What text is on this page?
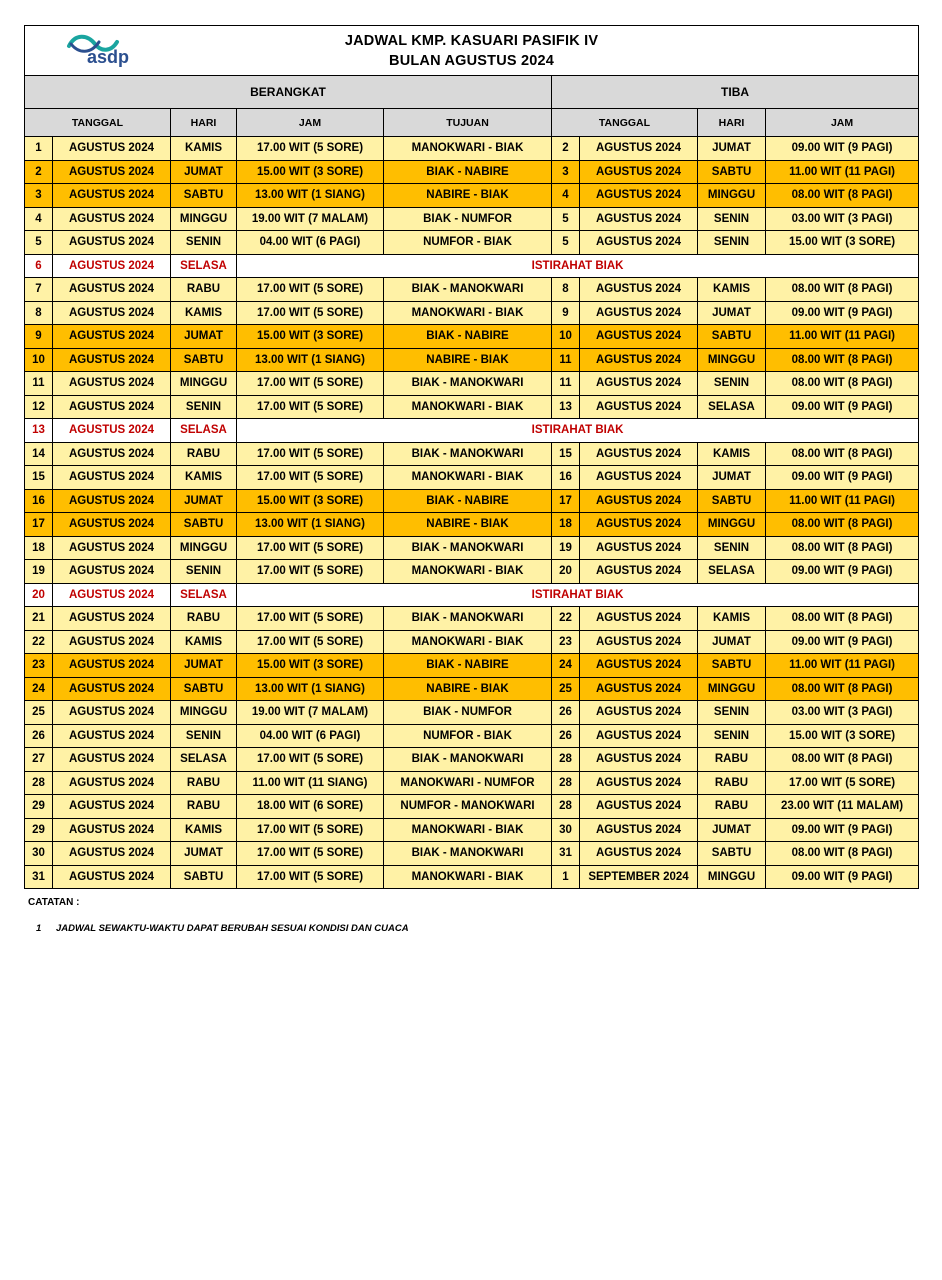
asdp
JADWAL KMP. KASUARI PASIFIK IV
BULAN AGUSTUS 2024								

BERANGKAT					TIBA			
TANGGAL		HARI	JAM	TUJUAN	TANGGAL		HARI	JAM
1	AGUSTUS 2024	KAMIS	17.00 WIT (5 SORE)	MANOKWARI - BIAK	2	AGUSTUS 2024	JUMAT	09.00 WIT (9 PAGI)
2	AGUSTUS 2024	JUMAT	15.00 WIT (3 SORE)	BIAK - NABIRE	3	AGUSTUS 2024	SABTU	11.00 WIT (11 PAGI)
3	AGUSTUS 2024	SABTU	13.00 WIT (1 SIANG)	NABIRE - BIAK	4	AGUSTUS 2024	MINGGU	08.00 WIT (8 PAGI)
4	AGUSTUS 2024	MINGGU	19.00 WIT (7 MALAM)	BIAK - NUMFOR	5	AGUSTUS 2024	SENIN	03.00 WIT (3 PAGI)
5	AGUSTUS 2024	SENIN	04.00 WIT (6 PAGI)	NUMFOR - BIAK	5	AGUSTUS 2024	SENIN	15.00 WIT (3 SORE)
6	AGUSTUS 2024	SELASA	ISTIRAHAT BIAK					
7	AGUSTUS 2024	RABU	17.00 WIT (5 SORE)	BIAK - MANOKWARI	8	AGUSTUS 2024	KAMIS	08.00 WIT (8 PAGI)
8	AGUSTUS 2024	KAMIS	17.00 WIT (5 SORE)	MANOKWARI - BIAK	9	AGUSTUS 2024	JUMAT	09.00 WIT (9 PAGI)
9	AGUSTUS 2024	JUMAT	15.00 WIT (3 SORE)	BIAK - NABIRE	10	AGUSTUS 2024	SABTU	11.00 WIT (11 PAGI)
10	AGUSTUS 2024	SABTU	13.00 WIT (1 SIANG)	NABIRE - BIAK	11	AGUSTUS 2024	MINGGU	08.00 WIT (8 PAGI)
11	AGUSTUS 2024	MINGGU	17.00 WIT (5 SORE)	BIAK - MANOKWARI	11	AGUSTUS 2024	SENIN	08.00 WIT (8 PAGI)
12	AGUSTUS 2024	SENIN	17.00 WIT (5 SORE)	MANOKWARI - BIAK	13	AGUSTUS 2024	SELASA	09.00 WIT (9 PAGI)
13	AGUSTUS 2024	SELASA	ISTIRAHAT BIAK					
14	AGUSTUS 2024	RABU	17.00 WIT (5 SORE)	BIAK - MANOKWARI	15	AGUSTUS 2024	KAMIS	08.00 WIT (8 PAGI)
15	AGUSTUS 2024	KAMIS	17.00 WIT (5 SORE)	MANOKWARI - BIAK	16	AGUSTUS 2024	JUMAT	09.00 WIT (9 PAGI)
16	AGUSTUS 2024	JUMAT	15.00 WIT (3 SORE)	BIAK - NABIRE	17	AGUSTUS 2024	SABTU	11.00 WIT (11 PAGI)
17	AGUSTUS 2024	SABTU	13.00 WIT (1 SIANG)	NABIRE - BIAK	18	AGUSTUS 2024	MINGGU	08.00 WIT (8 PAGI)
18	AGUSTUS 2024	MINGGU	17.00 WIT (5 SORE)	BIAK - MANOKWARI	19	AGUSTUS 2024	SENIN	08.00 WIT (8 PAGI)
19	AGUSTUS 2024	SENIN	17.00 WIT (5 SORE)	MANOKWARI - BIAK	20	AGUSTUS 2024	SELASA	09.00 WIT (9 PAGI)
20	AGUSTUS 2024	SELASA	ISTIRAHAT BIAK					
21	AGUSTUS 2024	RABU	17.00 WIT (5 SORE)	BIAK - MANOKWARI	22	AGUSTUS 2024	KAMIS	08.00 WIT (8 PAGI)
22	AGUSTUS 2024	KAMIS	17.00 WIT (5 SORE)	MANOKWARI - BIAK	23	AGUSTUS 2024	JUMAT	09.00 WIT (9 PAGI)
23	AGUSTUS 2024	JUMAT	15.00 WIT (3 SORE)	BIAK - NABIRE	24	AGUSTUS 2024	SABTU	11.00 WIT (11 PAGI)
24	AGUSTUS 2024	SABTU	13.00 WIT (1 SIANG)	NABIRE - BIAK	25	AGUSTUS 2024	MINGGU	08.00 WIT (8 PAGI)
25	AGUSTUS 2024	MINGGU	19.00 WIT (7 MALAM)	BIAK - NUMFOR	26	AGUSTUS 2024	SENIN	03.00 WIT (3 PAGI)
26	AGUSTUS 2024	SENIN	04.00 WIT (6 PAGI)	NUMFOR - BIAK	26	AGUSTUS 2024	SENIN	15.00 WIT (3 SORE)
27	AGUSTUS 2024	SELASA	17.00 WIT (5 SORE)	BIAK - MANOKWARI	28	AGUSTUS 2024	RABU	08.00 WIT (8 PAGI)
28	AGUSTUS 2024	RABU	11.00 WIT (11 SIANG)	MANOKWARI - NUMFOR	28	AGUSTUS 2024	RABU	17.00 WIT (5 SORE)
29	AGUSTUS 2024	RABU	18.00 WIT (6 SORE)	NUMFOR - MANOKWARI	28	AGUSTUS 2024	RABU	23.00 WIT (11 MALAM)
29	AGUSTUS 2024	KAMIS	17.00 WIT (5 SORE)	MANOKWARI - BIAK	30	AGUSTUS 2024	JUMAT	09.00 WIT (9 PAGI)
30	AGUSTUS 2024	JUMAT	17.00 WIT (5 SORE)	BIAK - MANOKWARI	31	AGUSTUS 2024	SABTU	08.00 WIT (8 PAGI)
31	AGUSTUS 2024	SABTU	17.00 WIT (5 SORE)	MANOKWARI - BIAK	1	SEPTEMBER 2024	MINGGU	09.00 WIT (9 PAGI)
CATATAN :
1 JADWAL SEWAKTU-WAKTU DAPAT BERUBAH SESUAI KONDISI DAN CUACA
